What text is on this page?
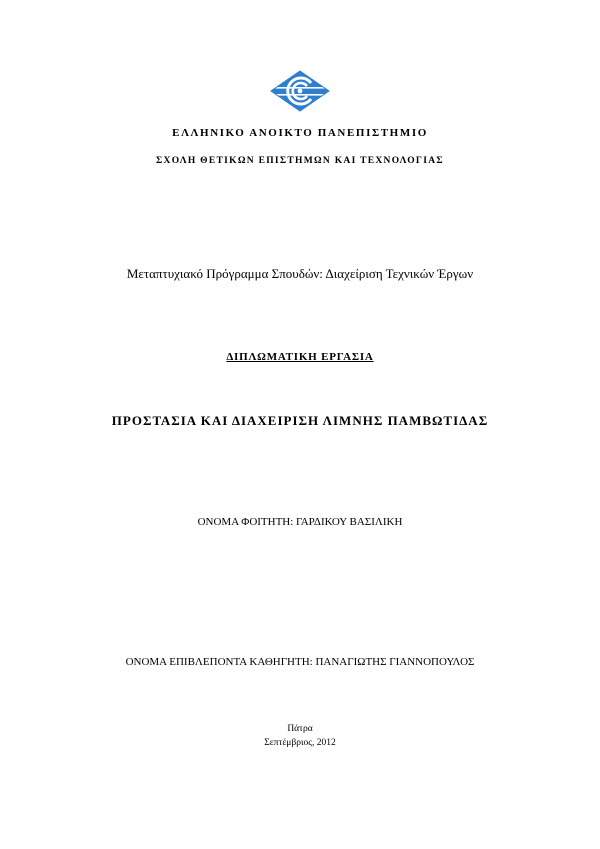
ΕΛΛΗΝΙΚΟ ΑΝΟΙΚΤΟ ΠΑΝΕΠΙΣΤΗΜΙΟ
ΣΧΟΛΗ ΘΕΤΙΚΩΝ ΕΠΙΣΤΗΜΩΝ ΚΑΙ ΤΕΧΝΟΛΟΓΙΑΣ
Μεταπτυχιακό Πρόγραμμα Σπουδών: Διαχείριση Τεχνικών Έργων
ΔΙΠΛΩΜΑΤΙΚΗ ΕΡΓΑΣΙΑ
ΠΡΟΣΤΑΣΙΑ ΚΑΙ ΔΙΑΧΕΙΡΙΣΗ ΛΙΜΝΗΣ ΠΑΜΒΩΤΙΔΑΣ
ΟΝΟΜΑ ΦΟΙΤΗΤΗ: ΓΑΡΔΙΚΟΥ ΒΑΣΙΛΙΚΗ
ΟΝΟΜΑ ΕΠΙΒΛΕΠΟΝΤΑ ΚΑΘΗΓΗΤΗ: ΠΑΝΑΓΙΩΤΗΣ ΓΙΑΝΝΟΠΟΥΛΟΣ
Πάτρα
Σεπτέμβριος, 2012
